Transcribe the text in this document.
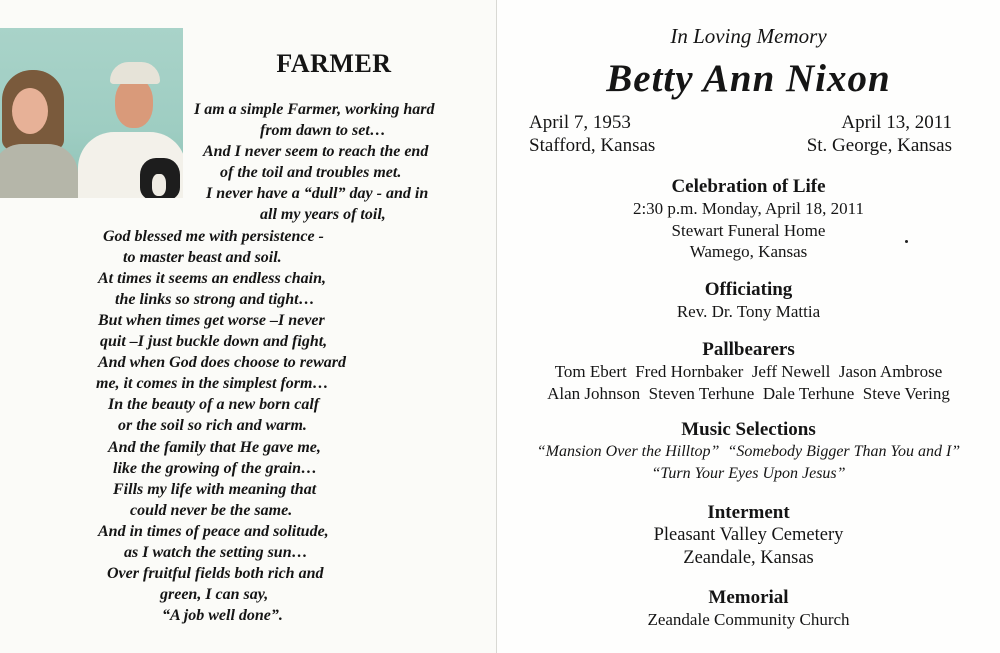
FARMER
I am a simple Farmer, working hard
from dawn to set…
And I never seem to reach the end
of the toil and troubles met.
I never have a “dull” day - and in
all my years of toil,
God blessed me with persistence -
to master beast and soil.
At times it seems an endless chain,
the links so strong and tight…
But when times get worse –I never
quit –I just buckle down and fight,
And when God does choose to reward
me, it comes in the simplest form…
In the beauty of a new born calf
or the soil so rich and warm.
And the family that He gave me,
like the growing of the grain…
Fills my life with meaning that
could never be the same.
And in times of peace and solitude,
as I watch the setting sun…
Over fruitful fields both rich and
green, I can say,
“A job well done”.
In Loving Memory
Betty Ann Nixon
April 7, 1953
Stafford, Kansas
April 13, 2011
St. George, Kansas
Celebration of Life
2:30 p.m. Monday, April 18, 2011
Stewart Funeral Home
Wamego, Kansas
Officiating
Rev. Dr. Tony Mattia
Pallbearers
Tom Ebert  Fred Hornbaker  Jeff Newell  Jason Ambrose
Alan Johnson  Steven Terhune  Dale Terhune  Steve Vering
Music Selections
“Mansion Over the Hilltop”  “Somebody Bigger Than You and I”
“Turn Your Eyes Upon Jesus”
Interment
Pleasant Valley Cemetery
Zeandale, Kansas
Memorial
Zeandale Community Church
